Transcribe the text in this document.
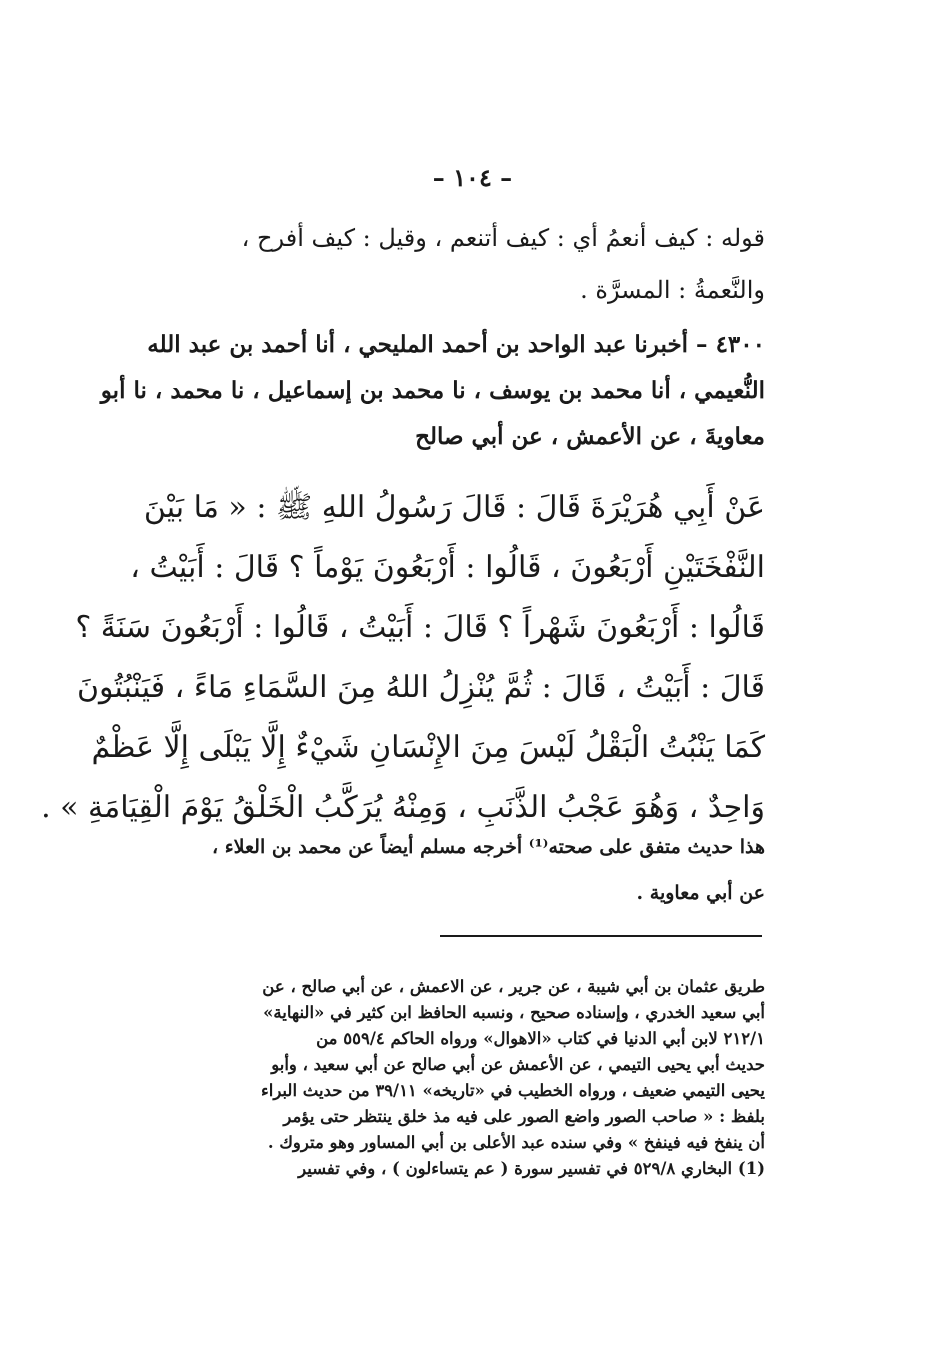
– ١٠٤ –
قوله : كيف أنعمُ أي : كيف أتنعم ، وقيل : كيف أفرح ،
والنَّعمةُ : المسرَّة .
٤٣٠٠ – أخبرنا عبد الواحد بن أحمد المليحي ، أنا أحمد بن عبد الله
النُّعيمي ، أنا محمد بن يوسف ، نا محمد بن إسماعيل ، نا محمد ، نا أبو
معاويةَ ، عن الأعمش ، عن أبي صالح
عَنْ أَبِي هُرَيْرَةَ قَالَ : قَالَ رَسُولُ اللهِ ﷺ : « مَا بَيْنَ
النَّفْخَتَيْنِ أَرْبَعُونَ ، قَالُوا : أَرْبَعُونَ يَوْماً ؟ قَالَ : أَبَيْتُ ،
قَالُوا : أَرْبَعُونَ شَهْراً ؟ قَالَ : أَبَيْتُ ، قَالُوا : أَرْبَعُونَ سَنَةً ؟
قَالَ : أَبَيْتُ ، قَالَ : ثُمَّ يُنْزِلُ اللهُ مِنَ السَّمَاءِ مَاءً ، فَيَنْبُتُونَ
كَمَا يَنْبُتُ الْبَقْلُ لَيْسَ مِنَ الإِنْسَانِ شَيْءٌ إِلَّا يَبْلَى إِلَّا عَظْمٌ
وَاحِدٌ ، وَهُوَ عَجْبُ الذَّنَبِ ، وَمِنْهُ يُرَكَّبُ الْخَلْقُ يَوْمَ الْقِيَامَةِ » .
هذا حديث متفق على صحته⁽¹⁾ أخرجه مسلم أيضاً عن محمد بن العلاء ،
عن أبي معاوية .
طريق عثمان بن أبي شيبة ، عن جرير ، عن الاعمش ، عن أبي صالح ، عن
أبي سعيد الخدري ، وإسناده صحيح ، ونسبه الحافظ ابن كثير في «النهاية»
٢١٢/١ لابن أبي الدنيا في كتاب «الاهوال» ورواه الحاكم ٥٥٩/٤ من
حديث أبي يحيى التيمي ، عن الأعمش عن أبي صالح عن أبي سعيد ، وأبو
يحيى التيمي ضعيف ، ورواه الخطيب في «تاريخه» ٣٩/١١ من حديث البراء
بلفظ : « صاحب الصور واضع الصور على فيه مذ خلق ينتظر حتى يؤمر
أن ينفخ فيه فينفخ » وفي سنده عبد الأعلى بن أبي المساور وهو متروك .
(1) البخاري ٥٢٩/٨ في تفسير سورة ( عم يتساءلون ) ، وفي تفسير
